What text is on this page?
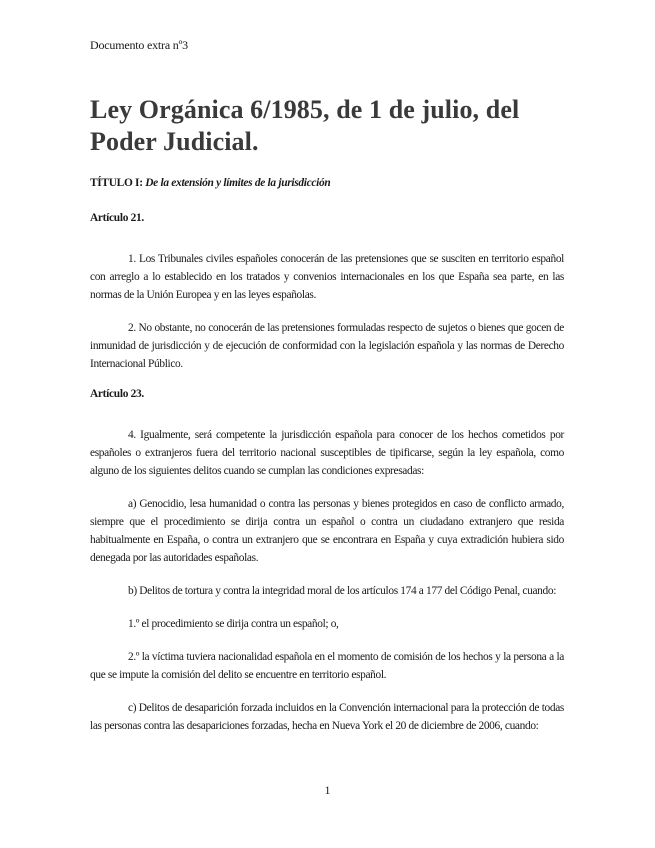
Documento extra nº3
Ley Orgánica 6/1985, de 1 de julio, del Poder Judicial.

TÍTULO I: De la extensión y límites de la jurisdicción

Artículo 21.

1. Los Tribunales civiles españoles conocerán de las pretensiones que se susciten en territorio español con arreglo a lo establecido en los tratados y convenios internacionales en los que España sea parte, en las normas de la Unión Europea y en las leyes españolas.

2. No obstante, no conocerán de las pretensiones formuladas respecto de sujetos o bienes que gocen de inmunidad de jurisdicción y de ejecución de conformidad con la legislación española y las normas de Derecho Internacional Público.

Artículo 23.

4. Igualmente, será competente la jurisdicción española para conocer de los hechos cometidos por españoles o extranjeros fuera del territorio nacional susceptibles de tipificarse, según la ley española, como alguno de los siguientes delitos cuando se cumplan las condiciones expresadas:

a) Genocidio, lesa humanidad o contra las personas y bienes protegidos en caso de conflicto armado, siempre que el procedimiento se dirija contra un español o contra un ciudadano extranjero que resida habitualmente en España, o contra un extranjero que se encontrara en España y cuya extradición hubiera sido denegada por las autoridades españolas.

b) Delitos de tortura y contra la integridad moral de los artículos 174 a 177 del Código Penal, cuando:

1.º el procedimiento se dirija contra un español; o,

2.º la víctima tuviera nacionalidad española en el momento de comisión de los hechos y la persona a la que se impute la comisión del delito se encuentre en territorio español.

c) Delitos de desaparición forzada incluidos en la Convención internacional para la protección de todas las personas contra las desapariciones forzadas, hecha en Nueva York el 20 de diciembre de 2006, cuando:

1
